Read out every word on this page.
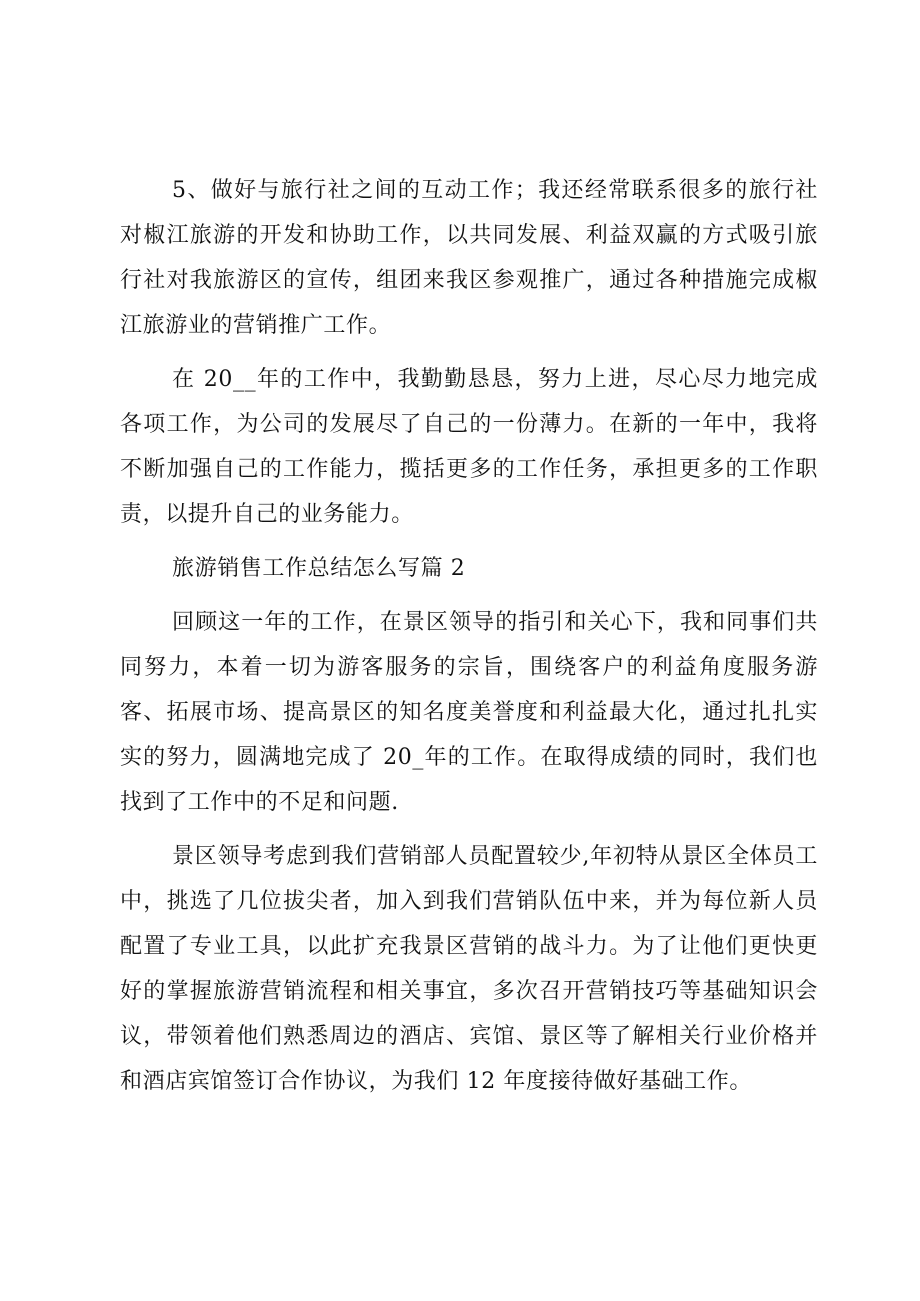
5、做好与旅行社之间的互动工作；我还经常联系很多的旅行社对椒江旅游的开发和协助工作，以共同发展、利益双赢的方式吸引旅行社对我旅游区的宣传，组团来我区参观推广，通过各种措施完成椒江旅游业的营销推广工作。

在 20__年的工作中，我勤勤恳恳，努力上进，尽心尽力地完成各项工作，为公司的发展尽了自己的一份薄力。在新的一年中，我将不断加强自己的工作能力，揽括更多的工作任务，承担更多的工作职责，以提升自己的业务能力。

旅游销售工作总结怎么写篇 2

回顾这一年的工作，在景区领导的指引和关心下，我和同事们共同努力，本着一切为游客服务的宗旨，围绕客户的利益角度服务游客、拓展市场、提高景区的知名度美誉度和利益最大化，通过扎扎实实的努力，圆满地完成了 20_年的工作。在取得成绩的同时，我们也找到了工作中的不足和问题.

景区领导考虑到我们营销部人员配置较少,年初特从景区全体员工中，挑选了几位拔尖者，加入到我们营销队伍中来，并为每位新人员配置了专业工具，以此扩充我景区营销的战斗力。为了让他们更快更好的掌握旅游营销流程和相关事宜，多次召开营销技巧等基础知识会议，带领着他们熟悉周边的酒店、宾馆、景区等了解相关行业价格并和酒店宾馆签订合作协议，为我们 12 年度接待做好基础工作。
